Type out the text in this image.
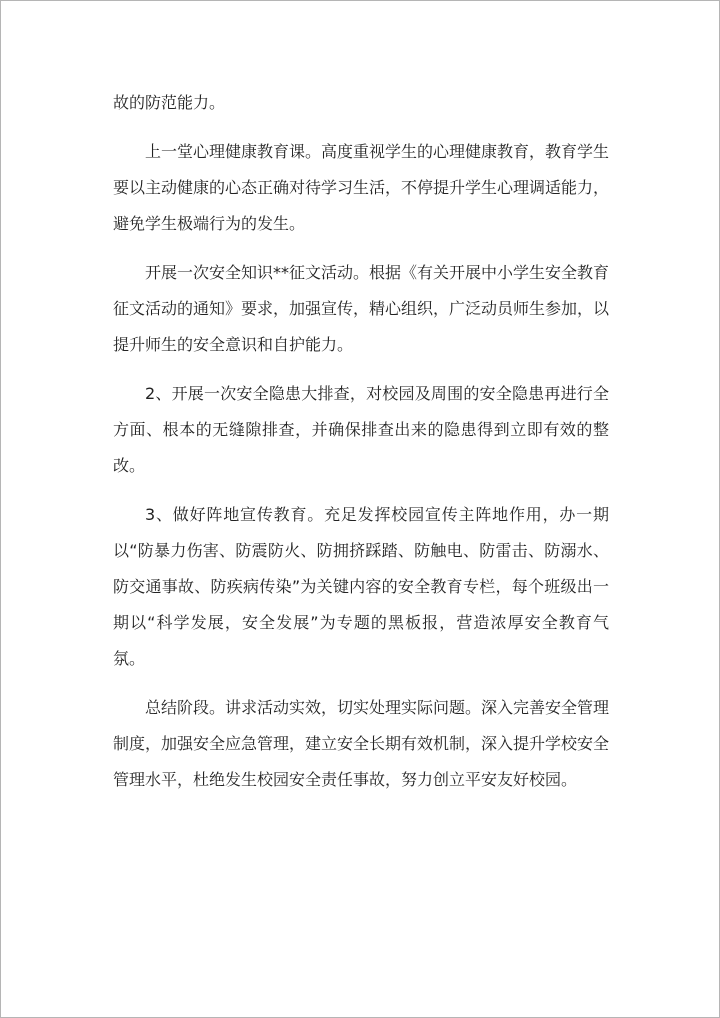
故的防范能力。

上一堂心理健康教育课。高度重视学生的心理健康教育，教育学生要以主动健康的心态正确对待学习生活，不停提升学生心理调适能力，避免学生极端行为的发生。

开展一次安全知识**征文活动。根据《有关开展中小学生安全教育征文活动的通知》要求，加强宣传，精心组织，广泛动员师生参加，以提升师生的安全意识和自护能力。

2、开展一次安全隐患大排查，对校园及周围的安全隐患再进行全方面、根本的无缝隙排查，并确保排查出来的隐患得到立即有效的整改。

3、做好阵地宣传教育。充足发挥校园宣传主阵地作用，办一期以“防暴力伤害、防震防火、防拥挤踩踏、防触电、防雷击、防溺水、防交通事故、防疾病传染”为关键内容的安全教育专栏，每个班级出一期以“科学发展，安全发展”为专题的黑板报，营造浓厚安全教育气氛。

总结阶段。讲求活动实效，切实处理实际问题。深入完善安全管理制度，加强安全应急管理，建立安全长期有效机制，深入提升学校安全管理水平，杜绝发生校园安全责任事故，努力创立平安友好校园。
